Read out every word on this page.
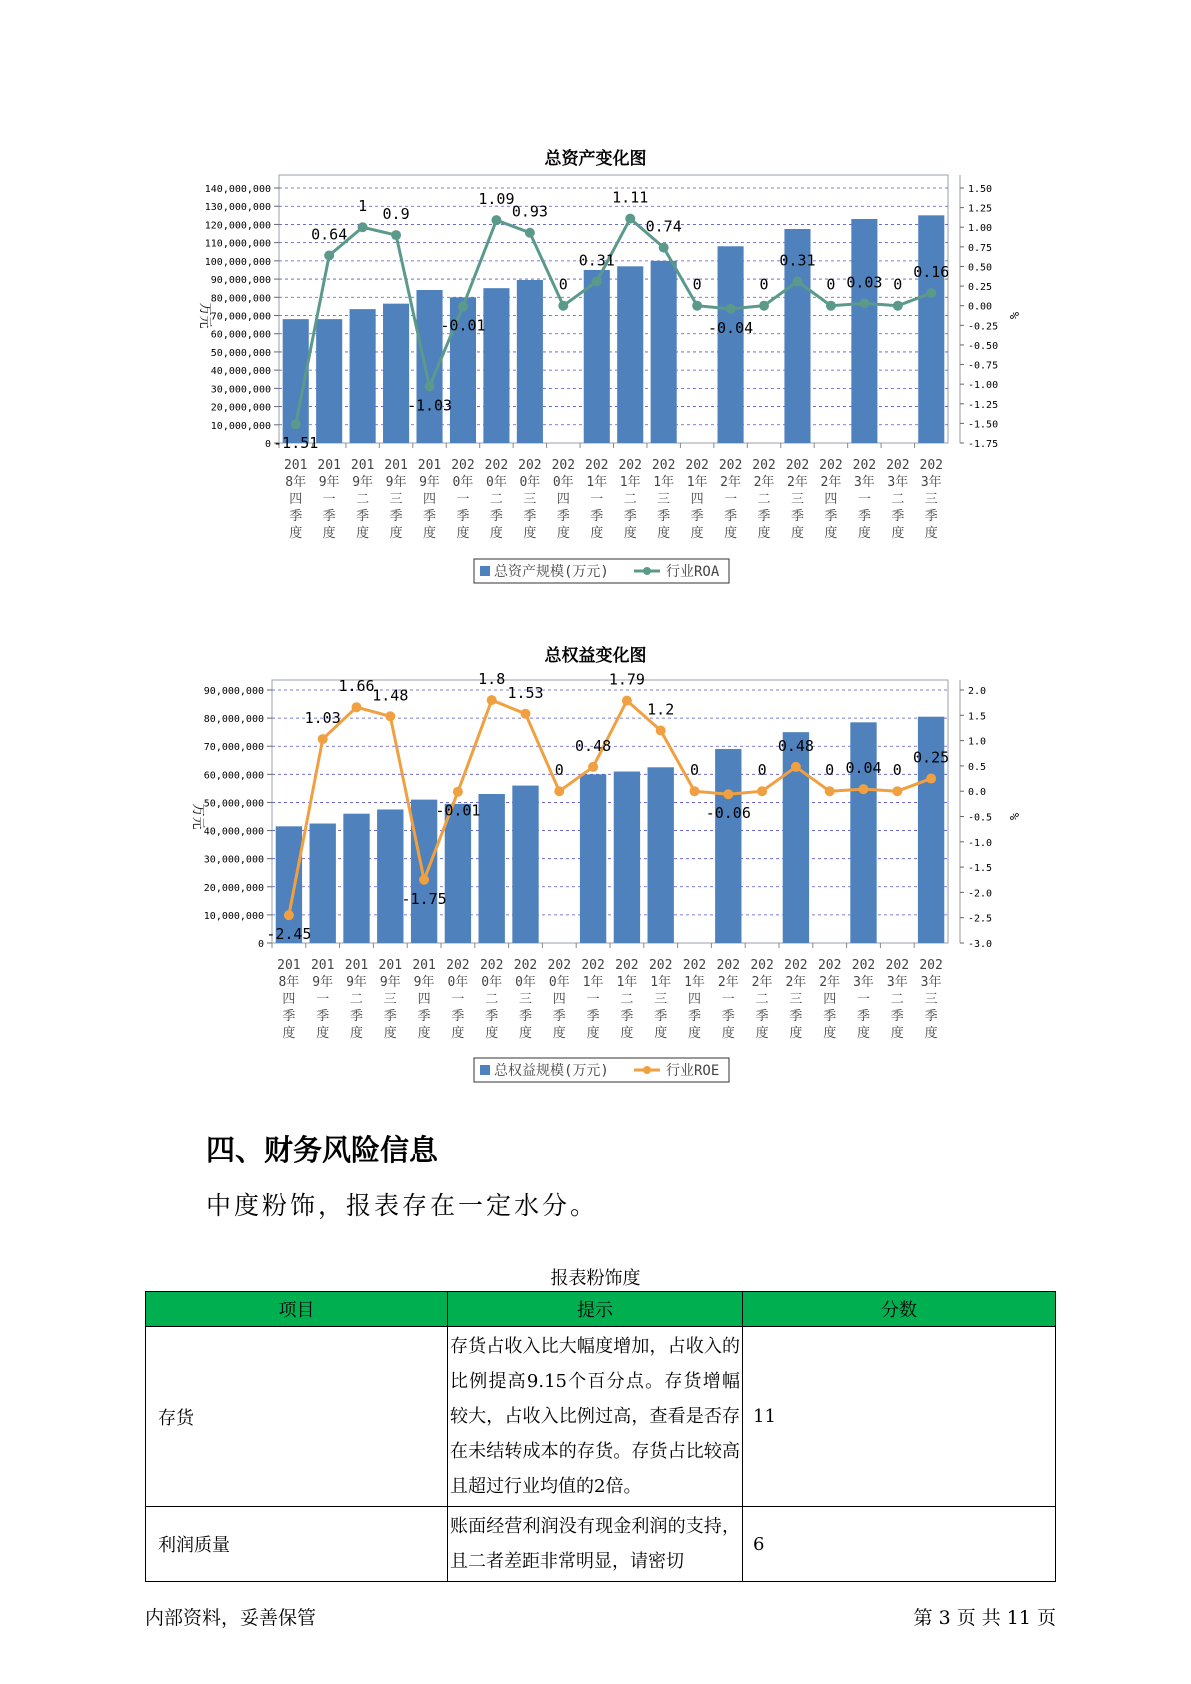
总资产变化图
0
10,000,000
20,000,000
30,000,000
40,000,000
50,000,000
60,000,000
70,000,000
80,000,000
90,000,000
100,000,000
110,000,000
120,000,000
130,000,000
140,000,000
万元
1.50
1.25
1.00
0.75
0.50
0.25
0.00
-0.25
-0.50
-0.75
-1.00
-1.25
-1.50
-1.75
%
201
8年
四
季
度
201
9年
一
季
度
201
9年
二
季
度
201
9年
三
季
度
201
9年
四
季
度
202
0年
一
季
度
202
0年
二
季
度
202
0年
三
季
度
202
0年
四
季
度
202
1年
一
季
度
202
1年
二
季
度
202
1年
三
季
度
202
1年
四
季
度
202
2年
一
季
度
202
2年
二
季
度
202
2年
三
季
度
202
2年
四
季
度
202
3年
一
季
度
202
3年
二
季
度
202
3年
三
季
度
-1.51
0.64
1 0.9
-1.03
-0.01
1.09
0.93
0
0.31
1.11
0.74
0
-0.04
0
0.31
0 0.03 0
0.16
总资产规模(万元)	行业ROA
总权益变化图
0
10,000,000
20,000,000
30,000,000
40,000,000
50,000,000
60,000,000
70,000,000
80,000,000
90,000,000
万元
2.0
1.5
1.0
0.5
0.0
-0.5
-1.0
-1.5
-2.0
-2.5
-3.0
%
201
8年
四
季
度
201
9年
一
季
度
201
9年
二
季
度
201
9年
三
季
度
201
9年
四
季
度
202
0年
一
季
度
202
0年
二
季
度
202
0年
三
季
度
202
0年
四
季
度
202
1年
一
季
度
202
1年
二
季
度
202
1年
三
季
度
202
1年
四
季
度
202
2年
一
季
度
202
2年
二
季
度
202
2年
三
季
度
202
2年
四
季
度
202
3年
一
季
度
202
3年
二
季
度
202
3年
三
季
度
-2.45
1.03
1.66
1.48
-1.75
-0.01
1.8
1.53
0
0.48
1.79
1.2
0
-0.06
0
0.48
0 0.04 0
0.25
总权益规模(万元)	行业ROE
四、财务风险信息
中度粉饰，报表存在一定水分。
报表粉饰度
项目	提示	分数
存货	存货占收入比大幅度增加，占收入的比例提高9.15个百分点。存货增幅较大，占收入比例过高，查看是否存在未结转成本的存货。存货占比较高且超过行业均值的2倍。	11
利润质量	账面经营利润没有现金利润的支持，且二者差距非常明显，请密切	6
内部资料，妥善保管	第 3 页 共 11 页
